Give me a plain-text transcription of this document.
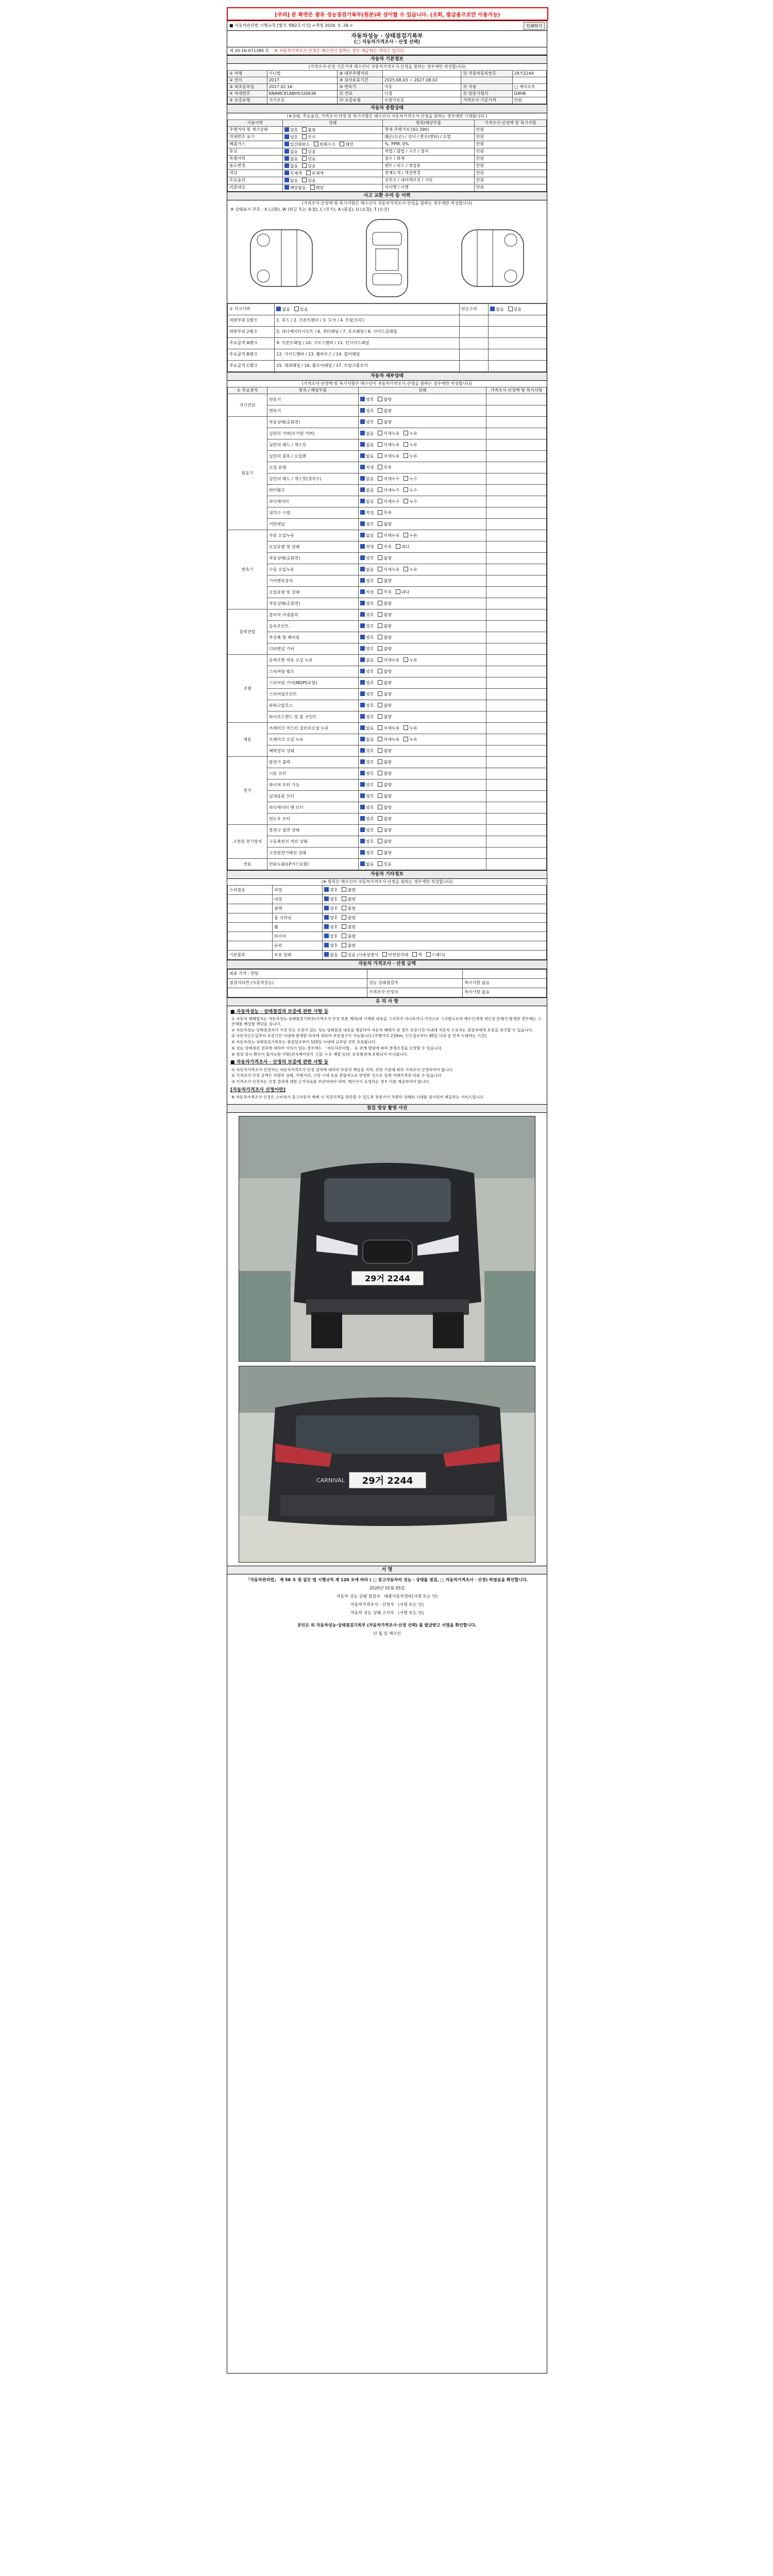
[주의] 본 화면은 광유 성능점검기록부(원본)와 상이할 수 있습니다. (조회, 발급용으로만 이용가능)
■ 자동차관리법 시행규칙 [별지 제82호서식] <개정 2020. 5. 26.>	인쇄하기
자동차성능 · 상태점검기록부
(□ 자동차가격조사 · 산정 선택)
제 20-16-071380 호 ※ 자동차가격조사·산정은 매수인이 원하는 경우 제공하는 서비스 입니다.
자동차 기본정보
(가격조사·산정 기준가격 매수인이 자동차가격조사·산정을 원하는 경우에만 작성합니다)
① 차명	카니발	⑧ 내부주행거리		⑬ 자동차등록번호	29거2244
② 연식	2017	⑨ 검사유효기간	2025.08.03 ~ 2027.08.02		
③ 최초등록일	2017.02.16	⑩ 변속기	자동	⑭ 사용	□ 세미오토
④ 차대번호	KNAMC81ABH5326636	⑪ 연료	디젤	⑮ 원동기형식	D4HB
⑤ 보증유형	자가보증	⑫ 보증유형	보험사보증	가격조사 기준가격	만원
자동차 종합상태
(※상태, 주요옵션, 가격조사·산정 및 특기사항은 매수인이 자동차가격조사·산정을 원하는 경우에만 기재합니다.)
사용이력	상태	항목/해당부품	가격조사·산정액 및 특기사항
주행거리 및 계기상태	양호 불량	현재 주행거리 [92,390]	만원
차대번호 표기	양호 부식	훼손(오손) / 상이 / 변조(변타) / 도말	만원
배출가스	일산화탄소 탄화수소 매연	%, PPM, 0%	만원
튜닝	없음 있음	적법 / 불법 / 구조 / 장치	만원
특별이력	없음 있음	침수 / 화재	만원
용도변경	없음 있음	렌트 / 리스 / 영업용	만원
색상	무채색 유채색	전체도색 / 색상변경	만원
주요옵션	없음 있음	선루프 / 내비게이션 / 기타	만원
리콜대상	해당없음 해당	미이행 / 이행	만원
사고 교환 수리 등 이력
(가격조사·산정액 및 특기사항은 매수인이 자동차가격조사·산정을 원하는 경우에만 작성합니다)
※ 상태표시 부호 : X (교환), W (판금 또는 용접), C (부식), A (흠집), U (요철), T (손상)
① 사고이력	없음 있음	단순수리	없음 있음
외판부위 1랭크	1. 후드 / 2. 프론트펜더 / 3. 도어 / 4. 트렁크리드		
외판부위 2랭크	5. 라디에이터서포트 / 6. 쿼터패널 / 7. 루프패널 / 8. 사이드실패널		
주요골격 A랭크	9. 프론트패널 / 10. 크로스멤버 / 11. 인사이드패널		
주요골격 B랭크	12. 사이드멤버 / 13. 휠하우스 / 14. 필러패널		
주요골격 C랭크	15. 대쉬패널 / 16. 플로어패널 / 17. 트렁크플로어		
자동차 세부상태
(가격조사·산정액 및 특기사항은 매수인이 자동차가격조사·산정을 원하는 경우에만 작성합니다)
① 주요장치	항목 / 해당부품	상태	가격조사·산정액 및 특기사항
자기진단	원동기	양호 불량	
	변속기	양호 불량	
원동기	작동상태(공회전)	양호 불량	
	실린더 커버(로커암 커버)	없음 미세누유 누유	
	실린더 헤드 / 개스킷	없음 미세누유 누유	
	실린더 블록 / 오일팬	없음 미세누유 누유	
	오일 유량	적정 부족	
	실린더 헤드 / 개스킷(냉각수)	없음 미세누수 누수	
	워터펌프	없음 미세누수 누수	
	라디에이터	없음 미세누수 누수	
	냉각수 수량	적정 부족	
	커먼레일	양호 불량	
변속기	자동 오일누유	없음 미세누유 누유	
	오일유량 및 상태	적정 부족 과다	
	작동상태(공회전)	양호 불량	
	수동 오일누유	없음 미세누유 누유	
	기어변속장치	양호 불량	
	오일유량 및 상태	적정 부족 과다	
	작동상태(공회전)	양호 불량	
동력전달	클러치 어셈블리	양호 불량	
	등속조인트	양호 불량	
	추진축 및 베어링	양호 불량	
	디퍼렌셜 기어	양호 불량	
조향	동력조향 작동 오일 누유	없음 미세누유 누유	
	스티어링 펌프	양호 불량	
	스티어링 기어(MDPS포함)	양호 불량	
	스티어링조인트	양호 불량	
	파워고압호스	양호 불량	
	타이로드엔드 및 볼 조인트	양호 불량	
제동	브레이크 마스터 실린더오일 누유	없음 미세누유 누유	
	브레이크 오일 누유	없음 미세누유 누유	
	배력장치 상태	양호 불량	
전기	발전기 출력	양호 불량	
	시동 모터	양호 불량	
	와이퍼 모터 기능	양호 불량	
	실내송풍 모터	양호 불량	
	라디에이터 팬 모터	양호 불량	
	윈도우 모터	양호 불량	
고전원 전기장치	충전구 절연 상태	양호 불량	
	구동축전지 격리 상태	양호 불량	
	고전원전기배선 상태	양호 불량	
연료	연료누출(LP가스포함)	없음 있음	
자동차 기타정보
(※ 항목은 매수인이 자동차가격조사·산정을 원하는 경우에만 작성합니다)
수리필요	외장	양호 불량
	내장	양호 불량
	광택	양호 불량
	룸 크리닝	양호 불량
	휠	양호 불량
	타이어	양호 불량
	유리	양호 불량
기본품목	보유 상태	없음 있음 (사용설명서 안전삼각대 잭 스패너)
자동차 가격조사 · 산정 금액
최종 가격 : 만원		
점검자의견 (자동차성능)	성능 상태점검자	특이사항 없음
	가격조사·산정자	특이사항 없음
유 의 사 항
■ 자동차성능 · 상태점검의 보증에 관한 사항 등

① 자동차 매매업자는 자동차성능·상태점검기록부(가격조사·산정 부분 제외)에 기재된 내용을 고지하지 아니하거나 거짓으로 고지함으로써 매수인에게 재산상 손해가 발생한 경우에는 그 손해를 배상할 책임을 집니다.

② 자동차성능·상태점검자가 거짓 또는 오류가 있는 성능·상태점검 내용을 제공하여 자동차 매매가 된 경우 보증기간 이내에 자동차 소유자는 점검자에게 보증을 청구할 수 있습니다.

③ 자동차인도일부터 보증기간 이내에 발생한 하자에 대하여 보증청구가 가능합니다 (주행거리 2천km, 인도일로부터 30일 이내 중 먼저 도래하는 기간).

④ 자동차성능·상태점검기록부는 점검일로부터 120일 이내에 교부된 것만 유효합니다.

⑤ 성능·상태점검 결과에 대하여 이의가 있는 경우에는 「자동차관리법」 등 관계 법령에 따라 분쟁조정을 신청할 수 있습니다.

⑥ 점검 당시 확인이 불가능한 사항(전자제어장치 고장, 누유 재발 등)은 보증범위에 포함되지 아니합니다.

■ 자동차가격조사 · 산정의 보증에 관한 사항 등

① 자동차가격조사·산정자는 자동차가격조사·산정 결과에 대하여 보증의 책임을 지며, 관련 기준에 따라 가격조사·산정하여야 합니다.

② 가격조사·산정 금액은 차량의 상태, 주행거리, 시장 시세 등을 종합적으로 반영한 것으로 실제 거래가격과 다를 수 있습니다.

③ 가격조사·산정자는 산정 결과에 대한 근거자료를 보관하여야 하며, 매수인이 요청하는 경우 이를 제공하여야 합니다.

[자동차가격조사 산정이란]

※ 자동차가격조사·산정은 소비자가 중고자동차 매매 시 적정가격을 판단할 수 있도록 전문가가 차량의 상태와 시세를 평가하여 제공하는 서비스입니다.

점검 영상 촬영 사진
29거 2244
CARNIVAL 29거 2244
서 명

「자동차관리법」 제 58 조 및 같은 법 시행규칙 제 120 조에 따라 ( □ 중고자동차의 성능 · 상태를 점검, □ 자동차가격조사 · 산정) 하였음을 확인합니다.

2020년 01월 05일

자동차 성능 상태 점검자 대광자동차정비(서명 또는 인)

자동차가격조사 · 산정자 (서명 또는 인)

자동차 성능 상태 고지자 (서명 또는 인)

본인은 위 자동차성능·상태점검기록부 (자동차가격조사·산정 선택) 를 발급받고 서명을 확인합니다.

년 월 일 매수인
